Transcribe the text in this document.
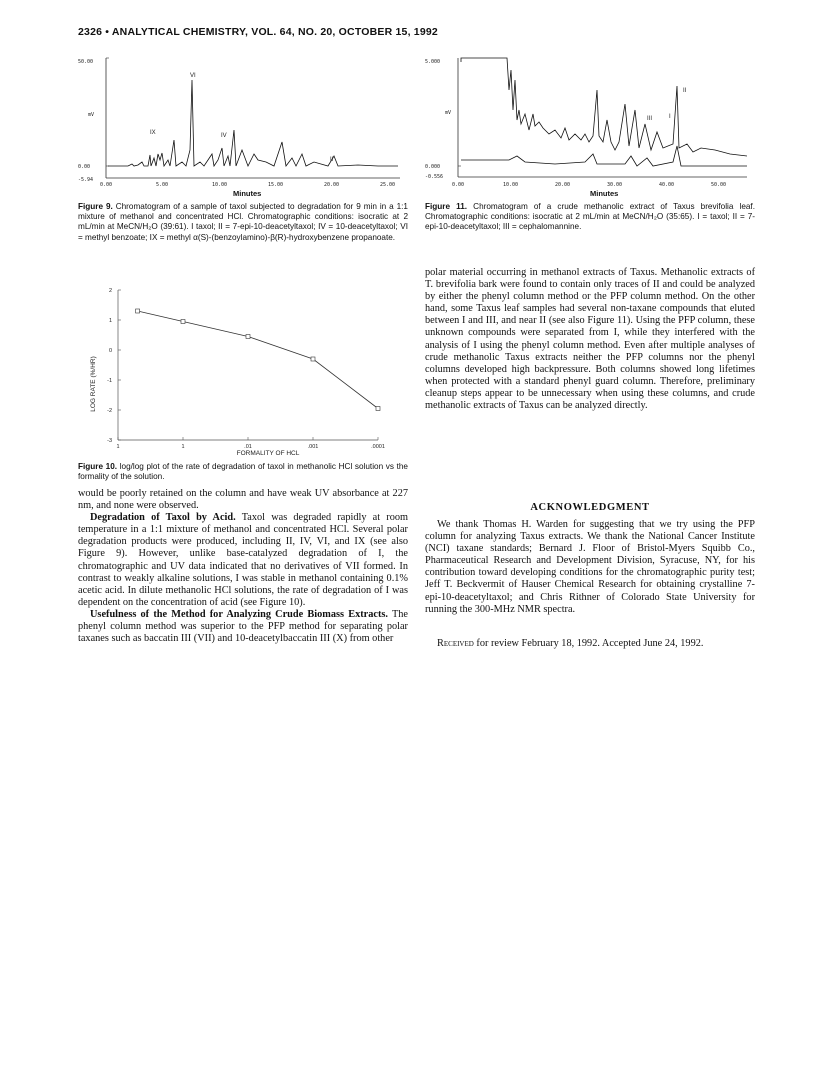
2326 • ANALYTICAL CHEMISTRY, VOL. 64, NO. 20, OCTOBER 15, 1992
50.00
0.00
-5.94
mV
VI
IX	IV
II
0.00	5.00	10.00	15.00	20.00	25.00
Minutes
Figure 9. Chromatogram of a sample of taxol subjected to degradation for 9 min in a 1:1 mixture of methanol and concentrated HCl. Chromatographic conditions: isocratic at 2 mL/min at MeCN/H₂O (39:61). I taxol; II = 7-epi-10-deacetyltaxol; IV = 10-deacetyltaxol; VI = methyl benzoate; IX = methyl α(S)-(benzoylamino)-β(R)-hydroxybenzene propanoate.
2
1
0
-1
-2
-3
1	1	.01	.001	.0001
LOG RATE (%/HR)
FORMALITY OF HCL
Figure 10. log/log plot of the rate of degradation of taxol in methanolic HCl solution vs the formality of the solution.

would be poorly retained on the column and have weak UV absorbance at 227 nm, and none were observed.

Degradation of Taxol by Acid. Taxol was degraded rapidly at room temperature in a 1:1 mixture of methanol and concentrated HCl. Several polar degradation products were produced, including II, IV, VI, and IX (see also Figure 9). However, unlike base-catalyzed degradation of I, the chromatographic and UV data indicated that no derivatives of VII formed. In contrast to weakly alkaline solutions, I was stable in methanol containing 0.1% acetic acid. In dilute methanolic HCl solutions, the rate of degradation of I was dependent on the concentration of acid (see Figure 10).

Usefulness of the Method for Analyzing Crude Biomass Extracts. The phenyl column method was superior to the PFP method for separating polar taxanes such as baccatin III (VII) and 10-deacetylbaccatin III (X) from other

5.000
0.000
-0.556
mV
II
III	I
0.00	10.00	20.00	30.00	40.00	50.00
Minutes
Figure 11. Chromatogram of a crude methanolic extract of Taxus brevifolia leaf. Chromatographic conditions: isocratic at 2 mL/min at MeCN/H₂O (35:65). I = taxol; II = 7-epi-10-deacetyltaxol; III = cephalomannine.

polar material occurring in methanol extracts of Taxus. Methanolic extracts of T. brevifolia bark were found to contain only traces of II and could be analyzed by either the phenyl column method or the PFP column method. On the other hand, some Taxus leaf samples had several non-taxane compounds that eluted between I and III, and near II (see also Figure 11). Using the PFP column, these unknown compounds were separated from I, while they interfered with the analysis of I using the phenyl column method. Even after multiple analyses of crude methanolic Taxus extracts neither the PFP columns nor the phenyl columns developed high backpressure. Both columns showed long lifetimes when protected with a standard phenyl guard column. Therefore, preliminary cleanup steps appear to be unnecessary when using these columns, and crude methanolic extracts of Taxus can be analyzed directly.

ACKNOWLEDGMENT

We thank Thomas H. Warden for suggesting that we try using the PFP column for analyzing Taxus extracts. We thank the National Cancer Institute (NCI) taxane standards; Bernard J. Floor of Bristol-Myers Squibb Co., Pharmaceutical Research and Development Division, Syracuse, NY, for his contribution toward developing conditions for the chromatographic purity test; Jeff T. Beckvermit of Hauser Chemical Research for obtaining crystalline 7-epi-10-deacetyltaxol; and Chris Rithner of Colorado State University for running the 300-MHz NMR spectra.

Received for review February 18, 1992. Accepted June 24, 1992.
